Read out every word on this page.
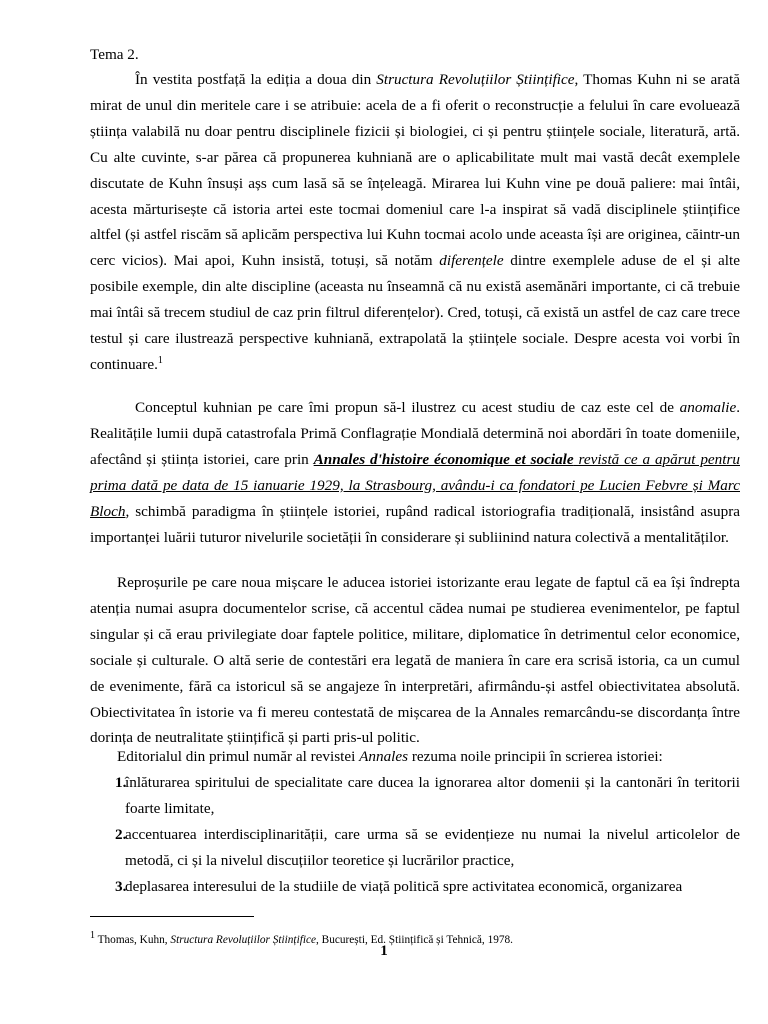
Tema 2.

În vestita postfață la ediția a doua din Structura Revoluțiilor Științifice, Thomas Kuhn ni se arată mirat de unul din meritele care i se atribuie: acela de a fi oferit o reconstrucție a felului în care evoluează știința valabilă nu doar pentru disciplinele fizicii și biologiei, ci și pentru științele sociale, literatură, artă. Cu alte cuvinte, s-ar părea că propunerea kuhniană are o aplicabilitate mult mai vastă decât exemplele discutate de Kuhn însuși așs cum lasă să se înțeleagă. Mirarea lui Kuhn vine pe două paliere: mai întâi, acesta mărturisește că istoria artei este tocmai domeniul care l-a inspirat să vadă disciplinele științifice altfel (și astfel riscăm să aplicăm perspectiva lui Kuhn tocmai acolo unde aceasta își are originea, căintr-un cerc vicios). Mai apoi, Kuhn insistă, totuși, să notăm diferențele dintre exemplele aduse de el și alte posibile exemple, din alte discipline (aceasta nu înseamnă că nu există asemănări importante, ci că trebuie mai întâi să trecem studiul de caz prin filtrul diferențelor). Cred, totuși, că există un astfel de caz care trece testul și care ilustrează perspective kuhniană, extrapolată la științele sociale. Despre acesta voi vorbi în continuare.$^1$

Conceptul kuhnian pe care îmi propun să-l ilustrez cu acest studiu de caz este cel de anomalie. Realitățile lumii după catastrofala Primă Conflagrație Mondială determină noi abordări în toate domeniile, afectând și știința istoriei, care prin Annales d'histoire économique et sociale revistă ce a apărut pentru prima dată pe data de 15 ianuarie 1929, la Strasbourg, avându-i ca fondatori pe Lucien Febvre și Marc Bloch, schimbă paradigma în științele istoriei, rupând radical istoriografia tradițională, insistând asupra importanței luării tuturor nivelurile societății în considerare și subliinind natura colectivă a mentalităților.

Reproșurile pe care noua mișcare le aducea istoriei istorizante erau legate de faptul că ea își îndrepta atenția numai asupra documentelor scrise, că accentul cădea numai pe studierea evenimentelor, pe faptul singular și că erau privilegiate doar faptele politice, militare, diplomatice în detrimentul celor economice, sociale și culturale. O altă serie de contestări era legată de maniera în care era scrisă istoria, ca un cumul de evenimente, fără ca istoricul să se angajeze în interpretări, afirmându-și astfel obiectivitatea absolută. Obiectivitatea în istorie va fi mereu contestată de mișcarea de la Annales remarcându-se discordanța între dorința de neutralitate științifică și parti pris-ul politic.

Editorialul din primul număr al revistei Annales rezuma noile principii în scrierea istoriei:

1.
înlăturarea spiritului de specialitate care ducea la ignorarea altor domenii și la cantonări în teritorii foarte limitate,
2.
accentuarea interdisciplinarității, care urma să se evidențieze nu numai la nivelul articolelor de metodă, ci și la nivelul discuțiilor teoretice și lucrărilor practice,
3.
deplasarea interesului de la studiile de viață politică spre activitatea economică, organizarea

$^1$ Thomas, Kuhn, Structura Revoluțiilor Științifice, București, Ed. Științifică și Tehnică, 1978.

1
